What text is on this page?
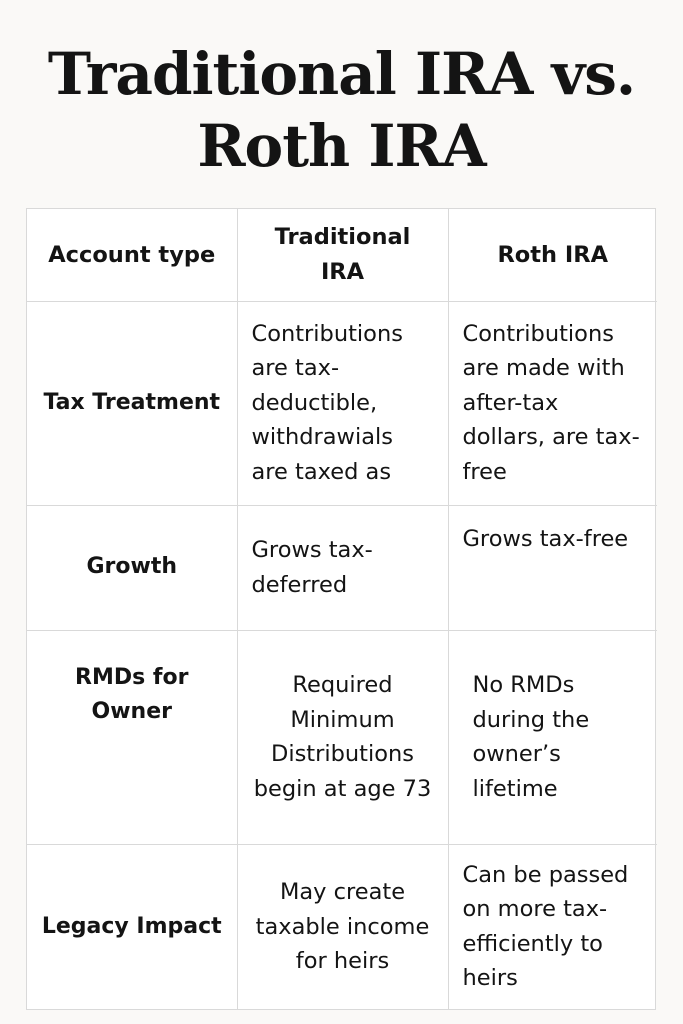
Traditional IRA vs.
Roth IRA
Account type	Traditional IRA	Roth IRA
Tax Treatment	Contributions are tax-deductible, withdrawials are taxed as	Contributions are made with after-tax dollars, are tax-free
Growth	Grows tax-deferred	Grows tax-free
RMDs for Owner	Required Minimum Distributions begin at age 73	No RMDs during the owner’s lifetime
Legacy Impact	May create taxable income for heirs	Can be passed on more tax-efficiently to heirs
